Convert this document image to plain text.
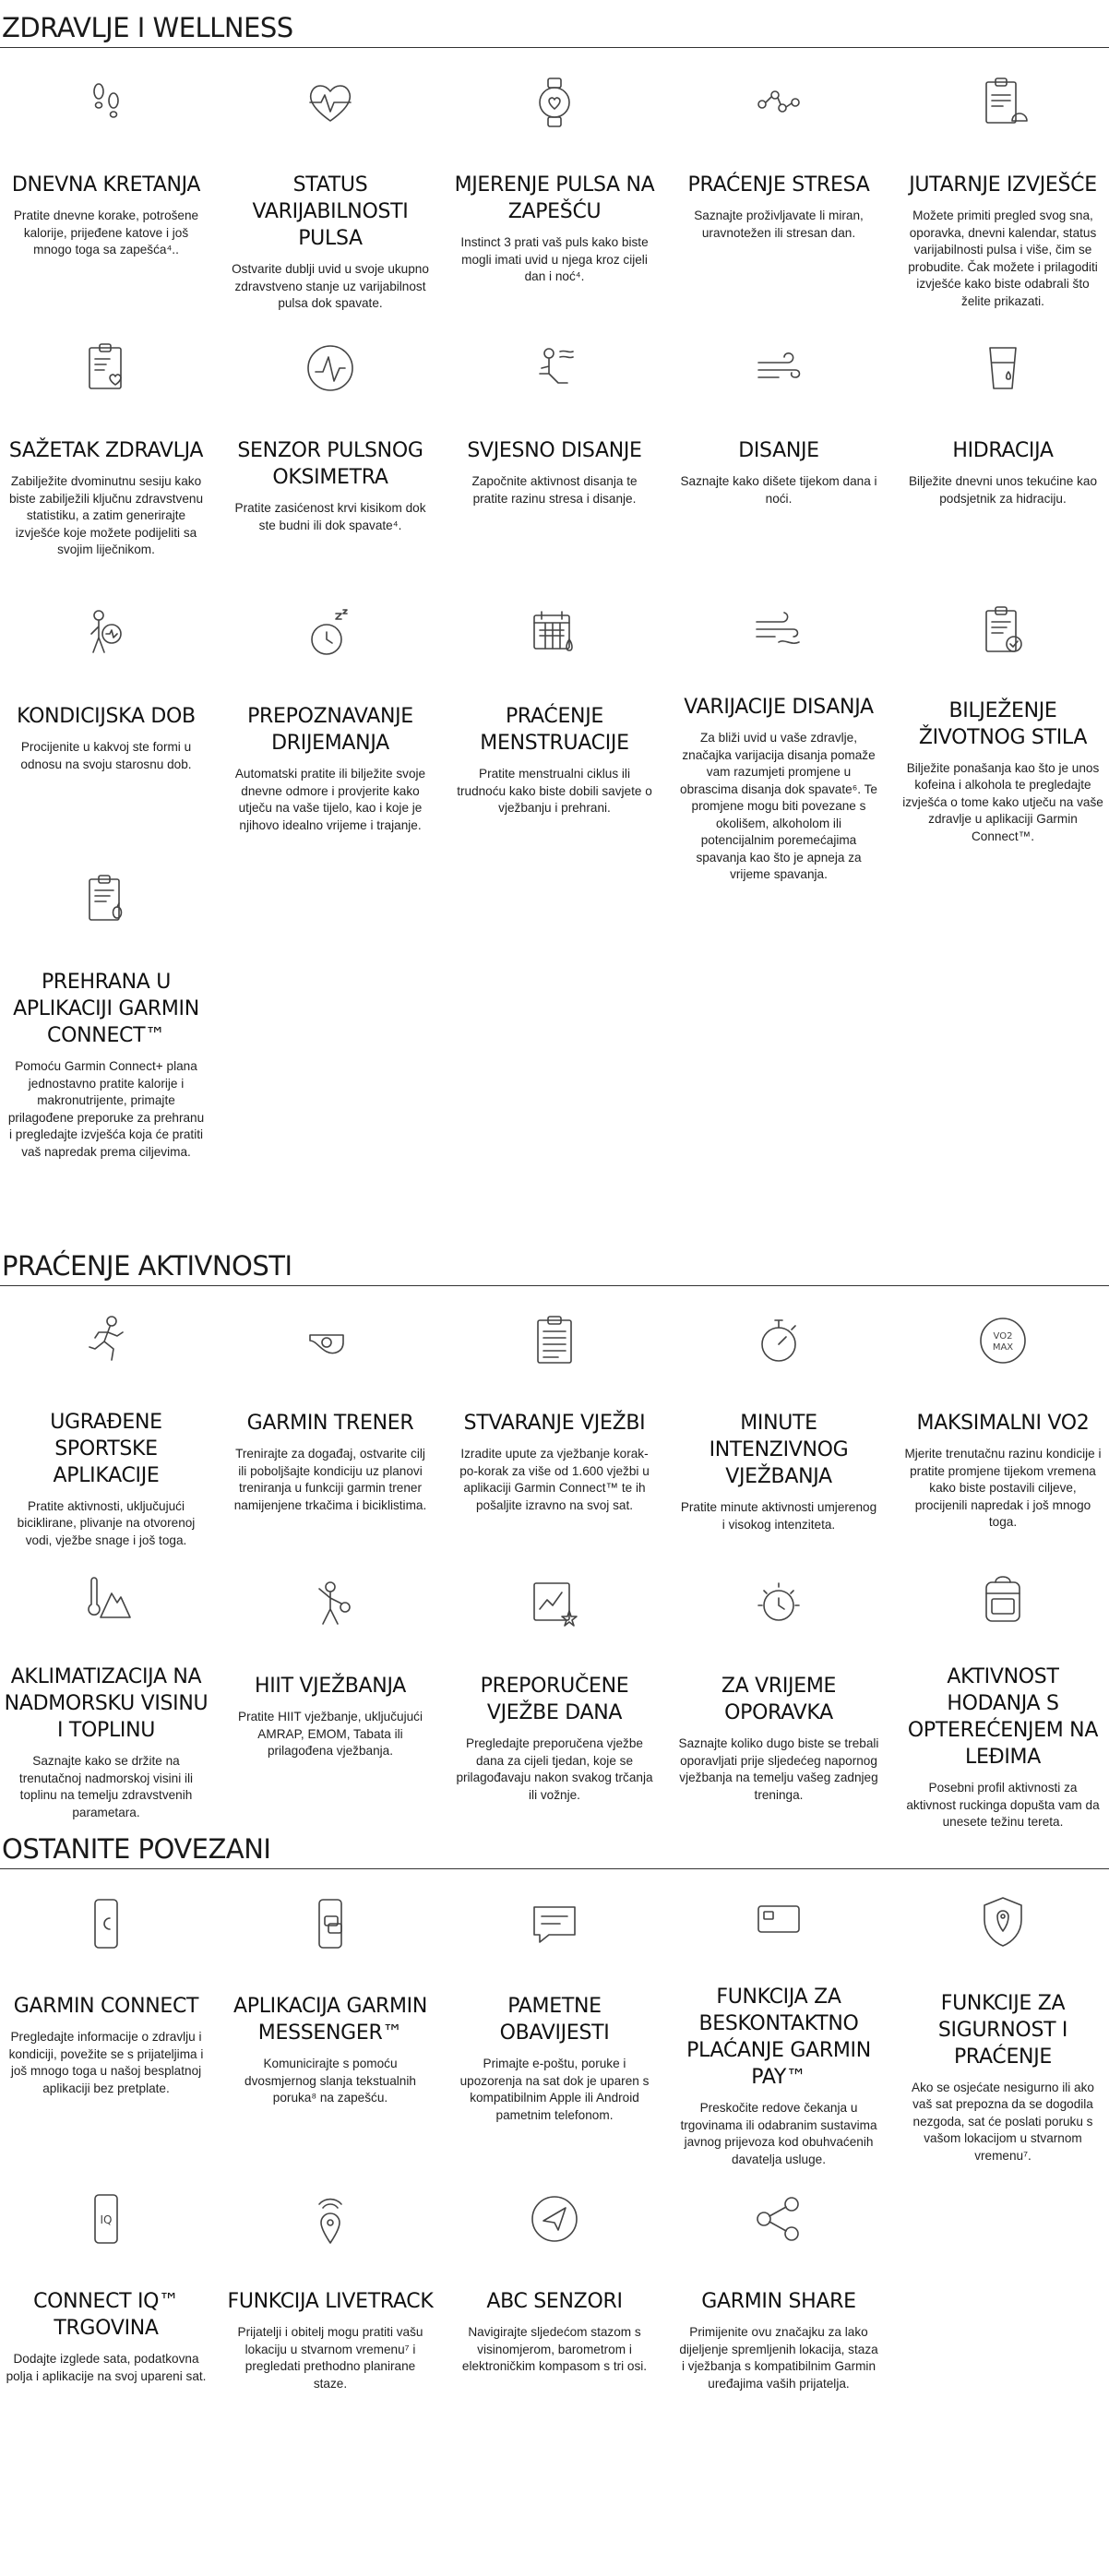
ZDRAVLJE I WELLNESS
DNEVNA KRETANJA
Pratite dnevne korake, potrošene kalorije, prijeđene katove i još mnogo toga sa zapešća⁴..
STATUS VARIJABILNOSTI PULSA
Ostvarite dublji uvid u svoje ukupno zdravstveno stanje uz varijabilnost pulsa dok spavate.
MJERENJE PULSA NA ZAPEŠĆU
Instinct 3 prati vaš puls kako biste mogli imati uvid u njega kroz cijeli dan i noć⁴.
PRAĆENJE STRESA
Saznajte proživljavate li miran, uravnotežen ili stresan dan.
JUTARNJE IZVJEŠĆE
Možete primiti pregled svog sna, oporavka, dnevni kalendar, status varijabilnosti pulsa i više, čim se probudite. Čak možete i prilagoditi izvješće kako biste odabrali što želite prikazati.
SAŽETAK ZDRAVLJA
Zabilježite dvominutnu sesiju kako biste zabilježili ključnu zdravstvenu statistiku, a zatim generirajte izvješće koje možete podijeliti sa svojim liječnikom.
SENZOR PULSNOG OKSIMETRA
Pratite zasićenost krvi kisikom dok ste budni ili dok spavate⁴.
SVJESNO DISANJE
Započnite aktivnost disanja te pratite razinu stresa i disanje.
DISANJE
Saznajte kako dišete tijekom dana i noći.
HIDRACIJA
Bilježite dnevni unos tekućine kao podsjetnik za hidraciju.
KONDICIJSKA DOB
Procijenite u kakvoj ste formi u odnosu na svoju starosnu dob.
PREPOZNAVANJE DRIJEMANJA
Automatski pratite ili bilježite svoje dnevne odmore i provjerite kako utječu na vaše tijelo, kao i koje je njihovo idealno vrijeme i trajanje.
PRAĆENJE MENSTRUACIJE
Pratite menstrualni ciklus ili trudnoću kako biste dobili savjete o vježbanju i prehrani.
VARIJACIJE DISANJA
Za bliži uvid u vaše zdravlje, značajka varijacija disanja pomaže vam razumjeti promjene u obrascima disanja dok spavate⁶. Te promjene mogu biti povezane s okolišem, alkoholom ili potencijalnim poremećajima spavanja kao što je apneja za vrijeme spavanja.
BILJEŽENJE ŽIVOTNOG STILA
Bilježite ponašanja kao što je unos kofeina i alkohola te pregledajte izvješća o tome kako utječu na vaše zdravlje u aplikaciji Garmin Connect™.
PREHRANA U APLIKACIJI GARMIN CONNECT™
Pomoću Garmin Connect+ plana jednostavno pratite kalorije i makronutrijente, primajte prilagođene preporuke za prehranu i pregledajte izvješća koja će pratiti vaš napredak prema ciljevima.
PRAĆENJE AKTIVNOSTI
UGRAĐENE SPORTSKE APLIKACIJE
Pratite aktivnosti, uključujući biciklirane, plivanje na otvorenoj vodi, vježbe snage i još toga.
GARMIN TRENER
Trenirajte za događaj, ostvarite cilj ili poboljšajte kondiciju uz planovi treniranja u funkciji garmin trener namijenjene trkačima i biciklistima.
STVARANJE VJEŽBI
Izradite upute za vježbanje korak-po-korak za više od 1.600 vježbi u aplikaciji Garmin Connect™ te ih pošaljite izravno na svoj sat.
MINUTE INTENZIVNOG VJEŽBANJA
Pratite minute aktivnosti umjerenog i visokog intenziteta.
VO2
MAX
MAKSIMALNI VO2
Mjerite trenutačnu razinu kondicije i pratite promjene tijekom vremena kako biste postavili ciljeve, procijenili napredak i još mnogo toga.
AKLIMATIZACIJA NA NADMORSKU VISINU I TOPLINU
Saznajte kako se držite na trenutačnoj nadmorskoj visini ili toplinu na temelju zdravstvenih parametara.
HIIT VJEŽBANJA
Pratite HIIT vježbanje, uključujući AMRAP, EMOM, Tabata ili prilagođena vježbanja.
PREPORUČENE VJEŽBE DANA
Pregledajte preporučena vježbe dana za cijeli tjedan, koje se prilagođavaju nakon svakog trčanja ili vožnje.
ZA VRIJEME OPORAVKA
Saznajte koliko dugo biste se trebali oporavljati prije sljedećeg napornog vježbanja na temelju vašeg zadnjeg treninga.
AKTIVNOST HODANJA S OPTEREĆENJEM NA LEĐIMA
Posebni profil aktivnosti za aktivnost ruckinga dopušta vam da unesete težinu tereta.
OSTANITE POVEZANI
GARMIN CONNECT
Pregledajte informacije o zdravlju i kondiciji, povežite se s prijateljima i još mnogo toga u našoj besplatnoj aplikaciji bez pretplate.
APLIKACIJA GARMIN MESSENGER™
Komunicirajte s pomoću dvosmjernog slanja tekstualnih poruka⁸ na zapešću.
PAMETNE OBAVIJESTI
Primajte e-poštu, poruke i upozorenja na sat dok je uparen s kompatibilnim Apple ili Android pametnim telefonom.
FUNKCIJA ZA BESKONTAKTNO PLAĆANJE GARMIN PAY™
Preskočite redove čekanja u trgovinama ili odabranim sustavima javnog prijevoza kod obuhvaćenih davatelja usluge.
FUNKCIJE ZA SIGURNOST I PRAĆENJE
Ako se osjećate nesigurno ili ako vaš sat prepozna da se dogodila nezgoda, sat će poslati poruku s vašom lokacijom u stvarnom vremenu⁷.
IQ
CONNECT IQ™ TRGOVINA
Dodajte izglede sata, podatkovna polja i aplikacije na svoj upareni sat.
FUNKCIJA LIVETRACK
Prijatelji i obitelj mogu pratiti vašu lokaciju u stvarnom vremenu⁷ i pregledati prethodno planirane staze.
ABC SENZORI
Navigirajte sljedećom stazom s visinomjerom, barometrom i elektroničkim kompasom s tri osi.
GARMIN SHARE
Primijenite ovu značajku za lako dijeljenje spremljenih lokacija, staza i vježbanja s kompatibilnim Garmin uređajima vaših prijatelja.
